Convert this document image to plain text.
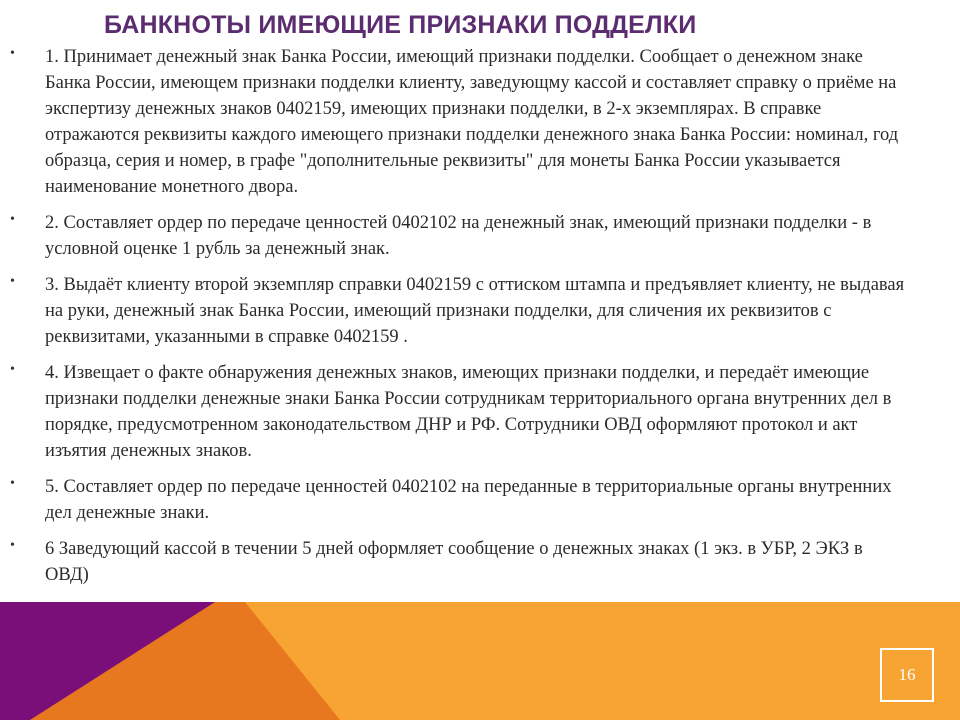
БАНКНОТЫ ИМЕЮЩИЕ ПРИЗНАКИ ПОДДЕЛКИ
•	1. Принимает денежный знак Банка России, имеющий признаки подделки. Сообщает о денежном знаке Банка России, имеющем признаки подделки клиенту, заведующму кассой и составляет справку о приёме на экспертизу денежных знаков 0402159, имеющих признаки подделки, в 2-х экземплярах. В справке отражаются реквизиты каждого имеющего признаки подделки денежного знака Банка России: номинал, год образца, серия и номер, в графе "дополнительные реквизиты" для монеты Банка России указывается наименование монетного двора.
•	2. Составляет ордер по передаче ценностей 0402102 на денежный знак, имеющий признаки подделки - в условной оценке 1 рубль за денежный знак.
•	3. Выдаёт клиенту второй экземпляр справки 0402159 с оттиском штампа и предъявляет клиенту, не выдавая на руки, денежный знак Банка России, имеющий признаки подделки, для сличения их реквизитов с реквизитами, указанными в справке 0402159 .
•	4. Извещает о факте обнаружения денежных знаков, имеющих признаки подделки, и передаёт имеющие признаки подделки денежные знаки Банка России сотрудникам территориального органа внутренних дел в порядке, предусмотренном законодательством ДНР и РФ. Сотрудники ОВД оформляют протокол и акт изъятия денежных знаков.
•	5. Составляет ордер по передаче ценностей 0402102 на переданные в территориальные органы внутренних дел денежные знаки.
•	6 Заведующий кассой в течении 5 дней оформляет сообщение о денежных знаках (1 экз. в УБР, 2 ЭКЗ в ОВД)
16
